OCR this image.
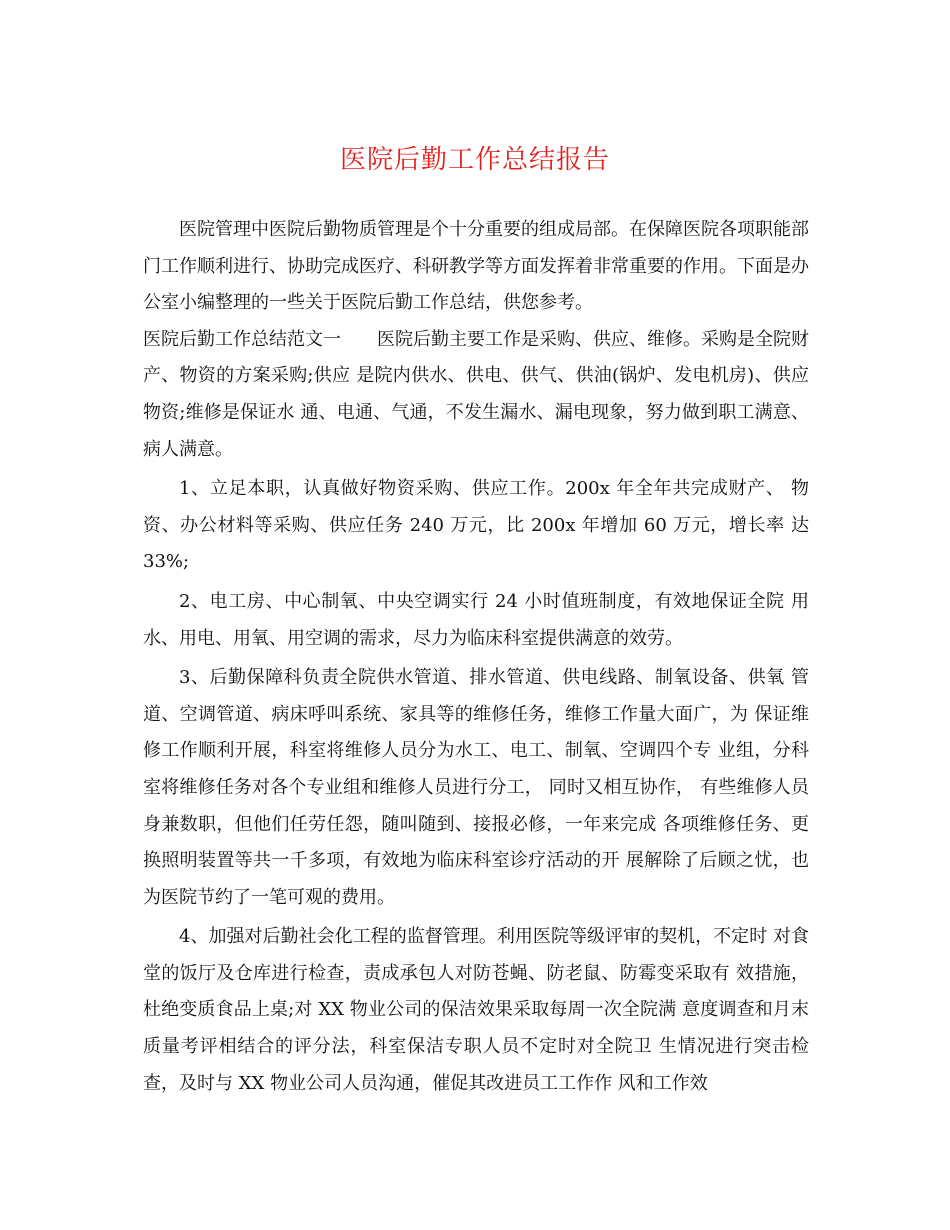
医院后勤工作总结报告

医院管理中医院后勤物质管理是个十分重要的组成局部。在保障医院各项职能部门工作顺利进行、协助完成医疗、科研教学等方面发挥着非常重要的作用。下面是办公室小编整理的一些关于医院后勤工作总结，供您参考。

医院后勤工作总结范文一 医院后勤主要工作是采购、供应、维修。采购是全院财产、物资的方案采购;供应 是院内供水、供电、供气、供油(锅炉、发电机房)、供应物资;维修是保证水 通、电通、气通，不发生漏水、漏电现象，努力做到职工满意、病人满意。

1、立足本职，认真做好物资采购、供应工作。200x 年全年共完成财产、 物资、办公材料等采购、供应任务 240 万元，比 200x 年增加 60 万元，增长率 达 33%;

2、电工房、中心制氧、中央空调实行 24 小时值班制度，有效地保证全院 用水、用电、用氧、用空调的需求，尽力为临床科室提供满意的效劳。

3、后勤保障科负责全院供水管道、排水管道、供电线路、制氧设备、供氧 管道、空调管道、病床呼叫系统、家具等的维修任务，维修工作量大面广，为 保证维修工作顺利开展，科室将维修人员分为水工、电工、制氧、空调四个专 业组，分科室将维修任务对各个专业组和维修人员进行分工， 同时又相互协作， 有些维修人员身兼数职，但他们任劳任怨，随叫随到、接报必修，一年来完成 各项维修任务、更换照明装置等共一千多项，有效地为临床科室诊疗活动的开 展解除了后顾之忧，也为医院节约了一笔可观的费用。

4、加强对后勤社会化工程的监督管理。利用医院等级评审的契机，不定时 对食堂的饭厅及仓库进行检查，责成承包人对防苍蝇、防老鼠、防霉变采取有 效措施，杜绝变质食品上桌;对 XX 物业公司的保洁效果采取每周一次全院满 意度调查和月末质量考评相结合的评分法，科室保洁专职人员不定时对全院卫 生情况进行突击检查，及时与 XX 物业公司人员沟通，催促其改进员工工作作 风和工作效
